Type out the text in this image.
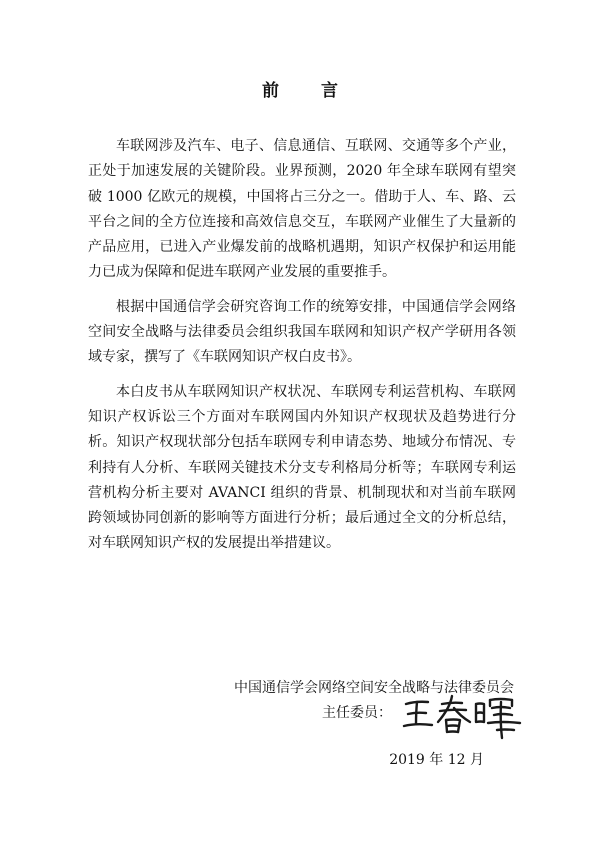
前 言

车联网涉及汽车、电子、信息通信、互联网、交通等多个产业，正处于加速发展的关键阶段。业界预测，2020 年全球车联网有望突破 1000 亿欧元的规模，中国将占三分之一。借助于人、车、路、云平台之间的全方位连接和高效信息交互，车联网产业催生了大量新的产品应用，已进入产业爆发前的战略机遇期，知识产权保护和运用能力已成为保障和促进车联网产业发展的重要推手。

根据中国通信学会研究咨询工作的统筹安排，中国通信学会网络空间安全战略与法律委员会组织我国车联网和知识产权产学研用各领域专家，撰写了《车联网知识产权白皮书》。

本白皮书从车联网知识产权状况、车联网专利运营机构、车联网知识产权诉讼三个方面对车联网国内外知识产权现状及趋势进行分析。知识产权现状部分包括车联网专利申请态势、地域分布情况、专利持有人分析、车联网关键技术分支专利格局分析等；车联网专利运营机构分析主要对 AVANCI 组织的背景、机制现状和对当前车联网跨领域协同创新的影响等方面进行分析；最后通过全文的分析总结，对车联网知识产权的发展提出举措建议。

中国通信学会网络空间安全战略与法律委员会
主任委员：
2019 年 12 月
